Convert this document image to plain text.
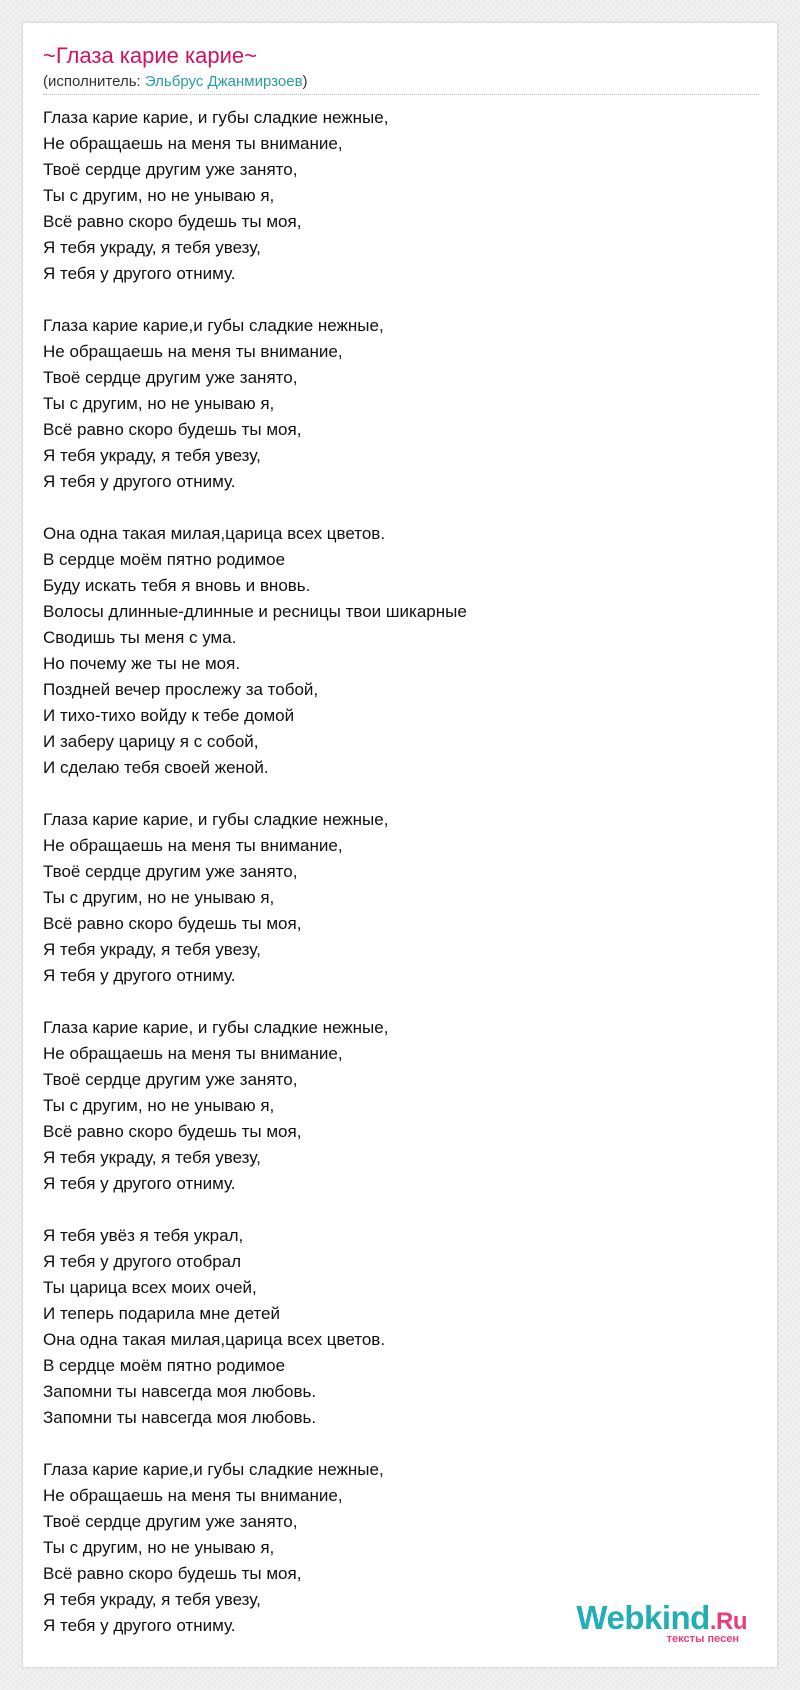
~Глаза карие карие~
(исполнитель: Эльбрус Джанмирзоев)
Глаза карие карие, и губы сладкие нежные,
Не обращаешь на меня ты внимание,
Твоё сердце другим уже занято,
Ты с другим, но не унываю я,
Всё равно скоро будешь ты моя,
Я тебя украду, я тебя увезу,
Я тебя у другого отниму.
Глаза карие карие,и губы сладкие нежные,
Не обращаешь на меня ты внимание,
Твоё сердце другим уже занято,
Ты с другим, но не унываю я,
Всё равно скоро будешь ты моя,
Я тебя украду, я тебя увезу,
Я тебя у другого отниму.
Она одна такая милая,царица всех цветов.
В сердце моём пятно родимое
Буду искать тебя я вновь и вновь.
Волосы длинные-длинные и ресницы твои шикарные
Сводишь ты меня с ума.
Но почему же ты не моя.
Поздней вечер прослежу за тобой,
И тихо-тихо войду к тебе домой
И заберу царицу я с собой,
И сделаю тебя своей женой.
Глаза карие карие, и губы сладкие нежные,
Не обращаешь на меня ты внимание,
Твоё сердце другим уже занято,
Ты с другим, но не унываю я,
Всё равно скоро будешь ты моя,
Я тебя украду, я тебя увезу,
Я тебя у другого отниму.
Глаза карие карие, и губы сладкие нежные,
Не обращаешь на меня ты внимание,
Твоё сердце другим уже занято,
Ты с другим, но не унываю я,
Всё равно скоро будешь ты моя,
Я тебя украду, я тебя увезу,
Я тебя у другого отниму.
Я тебя увёз я тебя украл,
Я тебя у другого отобрал
Ты царица всех моих очей,
И теперь подарила мне детей
Она одна такая милая,царица всех цветов.
В сердце моём пятно родимое
Запомни ты навсегда моя любовь.
Запомни ты навсегда моя любовь.
Глаза карие карие,и губы сладкие нежные,
Не обращаешь на меня ты внимание,
Твоё сердце другим уже занято,
Ты с другим, но не унываю я,
Всё равно скоро будешь ты моя,
Я тебя украду, я тебя увезу,
Я тебя у другого отниму.	Webkind.Ru
тексты песен
